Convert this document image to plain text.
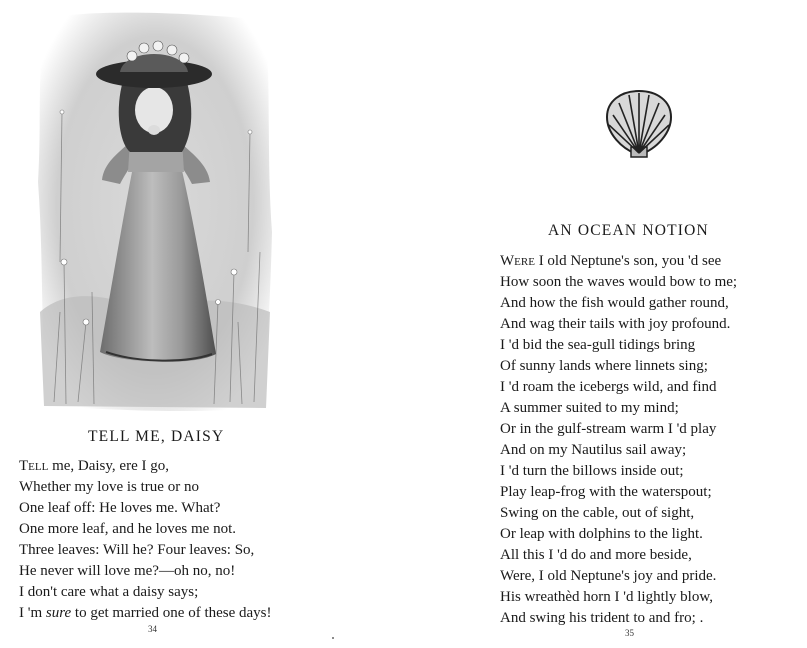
TELL ME, DAISY
Tell me, Daisy, ere I go,
Whether my love is true or no
One leaf off: He loves me. What?
One more leaf, and he loves me not.
Three leaves: Will he? Four leaves: So,
He never will love me?—oh no, no!
I don't care what a daisy says;
I 'm sure to get married one of these days!
34
AN OCEAN NOTION
Were I old Neptune's son, you 'd see
How soon the waves would bow to me;
And how the fish would gather round,
And wag their tails with joy profound.
I 'd bid the sea-gull tidings bring
Of sunny lands where linnets sing;
I 'd roam the icebergs wild, and find
A summer suited to my mind;
Or in the gulf-stream warm I 'd play
And on my Nautilus sail away;
I 'd turn the billows inside out;
Play leap-frog with the waterspout;
Swing on the cable, out of sight,
Or leap with dolphins to the light.
All this I 'd do and more beside,
Were, I old Neptune's joy and pride.
His wreathèd horn I 'd lightly blow,
And swing his trident to and fro; .
35
